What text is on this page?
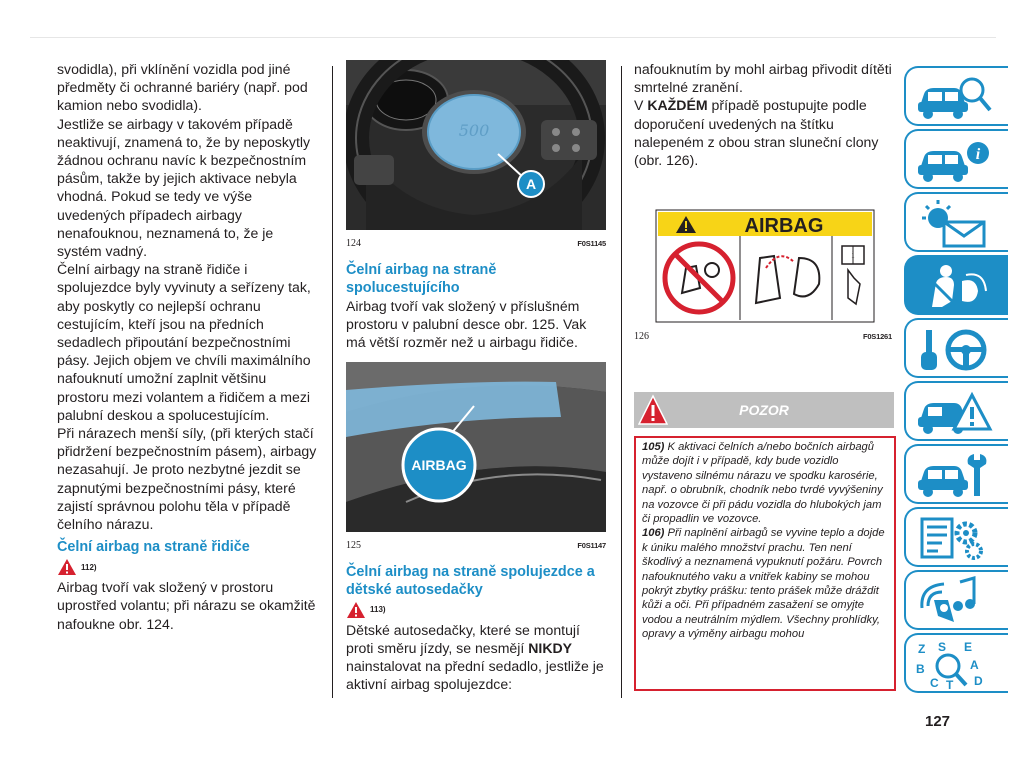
svodidla), při vklínění vozidla pod jiné předměty či ochranné bariéry (např. pod kamion nebo svodidla).

Jestliže se airbagy v takovém případě neaktivují, znamená to, že by neposkytly žádnou ochranu navíc k bezpečnostním pásům, takže by jejich aktivace nebyla vhodná. Pokud se tedy ve výše uvedených případech airbagy nenafouknou, neznamená to, že je systém vadný.

Čelní airbagy na straně řidiče i spolujezdce byly vyvinuty a seřízeny tak, aby poskytly co nejlepší ochranu cestujícím, kteří jsou na předních sedadlech připoutání bezpečnostními pásy. Jejich objem ve chvíli maximálního nafouknutí umožní zaplnit většinu prostoru mezi volantem a řidičem a mezi palubní deskou a spolucestujícím.

Při nárazech menší síly, (při kterých stačí přidržení bezpečnostním pásem), airbagy nezasahují. Je proto nezbytné jezdit se zapnutými bezpečnostními pásy, které zajistí správnou polohu těla v případě čelního nárazu.

Čelní airbag na straně řidiče

112)

Airbag tvoří vak složený v prostoru uprostřed volantu; při nárazu se okamžitě nafoukne obr. 124.

500
A
124	F0S1145

Čelní airbag na straně spolucestujícího

Airbag tvoří vak složený v příslušném prostoru v palubní desce obr. 125. Vak má větší rozměr než u airbagu řidiče.

AIRBAG
125	F0S1147

Čelní airbag na straně spolujezdce a dětské autosedačky

113)

Dětské autosedačky, které se montují proti směru jízdy, se nesmějí NIKDY nainstalovat na přední sedadlo, jestliže je aktivní airbag spolujezdce:

nafouknutím by mohl airbag přivodit dítěti smrtelné zranění.

V KAŽDÉM případě postupujte podle doporučení uvedených na štítku nalepeném z obou stran sluneční clony (obr. 126).

AIRBAG
i
126	F0S1261
POZOR

105) K aktivaci čelních a/nebo bočních airbagů může dojít i v případě, kdy bude vozidlo vystaveno silnému nárazu ve spodku karosérie, např. o obrubník, chodník nebo tvrdé vyvýšeniny na vozovce či při pádu vozidla do hlubokých jam či propadlin ve vozovce.

106) Při naplnění airbagů se vyvine teplo a dojde k úniku malého množství prachu. Ten není škodlivý a neznamená vypuknutí požáru. Povrch nafouknutého vaku a vnitřek kabiny se mohou pokrýt zbytky prášku: tento prášek může dráždit kůži a oči. Při případném zasažení se omyjte vodou a neutrálním mýdlem. Všechny prohlídky, opravy a výměny airbagu mohou

i
Z S E
B	A
C T D
127
